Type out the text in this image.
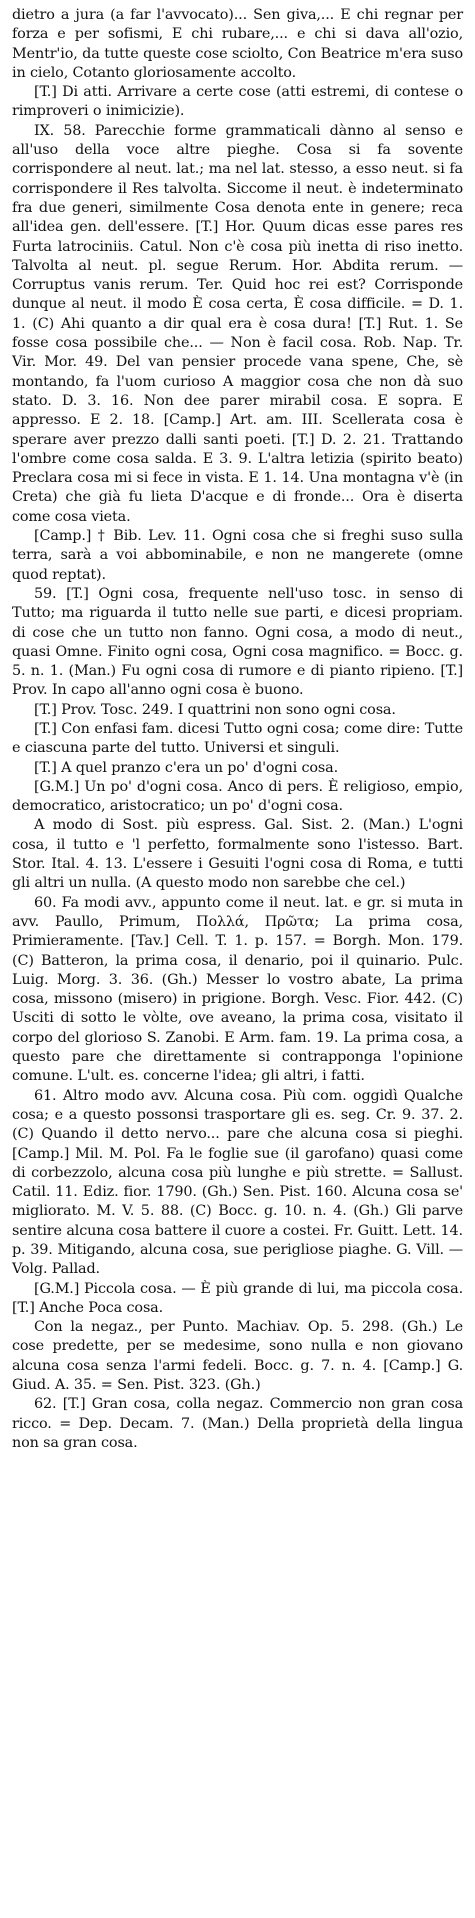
dietro a jura (a far l'avvocato)... Sen giva,... E chi regnar per forza e per sofismi, E chi rubare,... e chi si dava all'ozio, Mentr'io, da tutte queste cose sciolto, Con Beatrice m'era suso in cielo, Cotanto gloriosamente accolto.

[T.] Di atti. Arrivare a certe cose (atti estremi, di contese o rimproveri o inimicizie).

IX. 58. Parecchie forme grammaticali dànno al senso e all'uso della voce altre pieghe. Cosa si fa sovente corrispondere al neut. lat.; ma nel lat. stesso, a esso neut. si fa corrispondere il Res talvolta. Siccome il neut. è indeterminato fra due generi, similmente Cosa denota ente in genere; reca all'idea gen. dell'essere. [T.] Hor. Quum dicas esse pares res Furta latrociniis. Catul. Non c'è cosa più inetta di riso inetto. Talvolta al neut. pl. segue Rerum. Hor. Abdita rerum. — Corruptus vanis rerum. Ter. Quid hoc rei est? Corrisponde dunque al neut. il modo È cosa certa, È cosa difficile. = D. 1. 1. (C) Ahi quanto a dir qual era è cosa dura! [T.] Rut. 1. Se fosse cosa possibile che... — Non è facil cosa. Rob. Nap. Tr. Vir. Mor. 49. Del van pensier procede vana spene, Che, sè montando, fa l'uom curioso A maggior cosa che non dà suo stato. D. 3. 16. Non dee parer mirabil cosa. E sopra. E appresso. E 2. 18. [Camp.] Art. am. III. Scellerata cosa è sperare aver prezzo dalli santi poeti. [T.] D. 2. 21. Trattando l'ombre come cosa salda. E 3. 9. L'altra letizia (spirito beato) Preclara cosa mi si fece in vista. E 1. 14. Una montagna v'è (in Creta) che già fu lieta D'acque e di fronde... Ora è diserta come cosa vieta.

[Camp.] † Bib. Lev. 11. Ogni cosa che si freghi suso sulla terra, sarà a voi abbominabile, e non ne mangerete (omne quod reptat).

59. [T.] Ogni cosa, frequente nell'uso tosc. in senso di Tutto; ma riguarda il tutto nelle sue parti, e dicesi propriam. di cose che un tutto non fanno. Ogni cosa, a modo di neut., quasi Omne. Finito ogni cosa, Ogni cosa magnifico. = Bocc. g. 5. n. 1. (Man.) Fu ogni cosa di rumore e di pianto ripieno. [T.] Prov. In capo all'anno ogni cosa è buono.

[T.] Prov. Tosc. 249. I quattrini non sono ogni cosa.

[T.] Con enfasi fam. dicesi Tutto ogni cosa; come dire: Tutte e ciascuna parte del tutto. Universi et singuli.

[T.] A quel pranzo c'era un po' d'ogni cosa.

[G.M.] Un po' d'ogni cosa. Anco di pers. È religioso, empio, democratico, aristocratico; un po' d'ogni cosa.

A modo di Sost. più espress. Gal. Sist. 2. (Man.) L'ogni cosa, il tutto e 'l perfetto, formalmente sono l'istesso. Bart. Stor. Ital. 4. 13. L'essere i Gesuiti l'ogni cosa di Roma, e tutti gli altri un nulla. (A questo modo non sarebbe che cel.)

60. Fa modi avv., appunto come il neut. lat. e gr. si muta in avv. Paullo, Primum, Πολλά, Πρῶτα; La prima cosa, Primieramente. [Tav.] Cell. T. 1. p. 157. = Borgh. Mon. 179. (C) Batteron, la prima cosa, il denario, poi il quinario. Pulc. Luig. Morg. 3. 36. (Gh.) Messer lo vostro abate, La prima cosa, missono (misero) in prigione. Borgh. Vesc. Fior. 442. (C) Usciti di sotto le vòlte, ove aveano, la prima cosa, visitato il corpo del glorioso S. Zanobi. E Arm. fam. 19. La prima cosa, a questo pare che direttamente si contrapponga l'opinione comune. L'ult. es. concerne l'idea; gli altri, i fatti.

61. Altro modo avv. Alcuna cosa. Più com. oggidì Qualche cosa; e a questo possonsi trasportare gli es. seg. Cr. 9. 37. 2. (C) Quando il detto nervo... pare che alcuna cosa si pieghi. [Camp.] Mil. M. Pol. Fa le foglie sue (il garofano) quasi come di corbezzolo, alcuna cosa più lunghe e più strette. = Sallust. Catil. 11. Ediz. fior. 1790. (Gh.) Sen. Pist. 160. Alcuna cosa se' migliorato. M. V. 5. 88. (C) Bocc. g. 10. n. 4. (Gh.) Gli parve sentire alcuna cosa battere il cuore a costei. Fr. Guitt. Lett. 14. p. 39. Mitigando, alcuna cosa, sue perigliose piaghe. G. Vill. — Volg. Pallad.

[G.M.] Piccola cosa. — È più grande di lui, ma piccola cosa. [T.] Anche Poca cosa.

Con la negaz., per Punto. Machiav. Op. 5. 298. (Gh.) Le cose predette, per se medesime, sono nulla e non giovano alcuna cosa senza l'armi fedeli. Bocc. g. 7. n. 4. [Camp.] G. Giud. A. 35. = Sen. Pist. 323. (Gh.)

62. [T.] Gran cosa, colla negaz. Commercio non gran cosa ricco. = Dep. Decam. 7. (Man.) Della proprietà della lingua non sa gran cosa.
